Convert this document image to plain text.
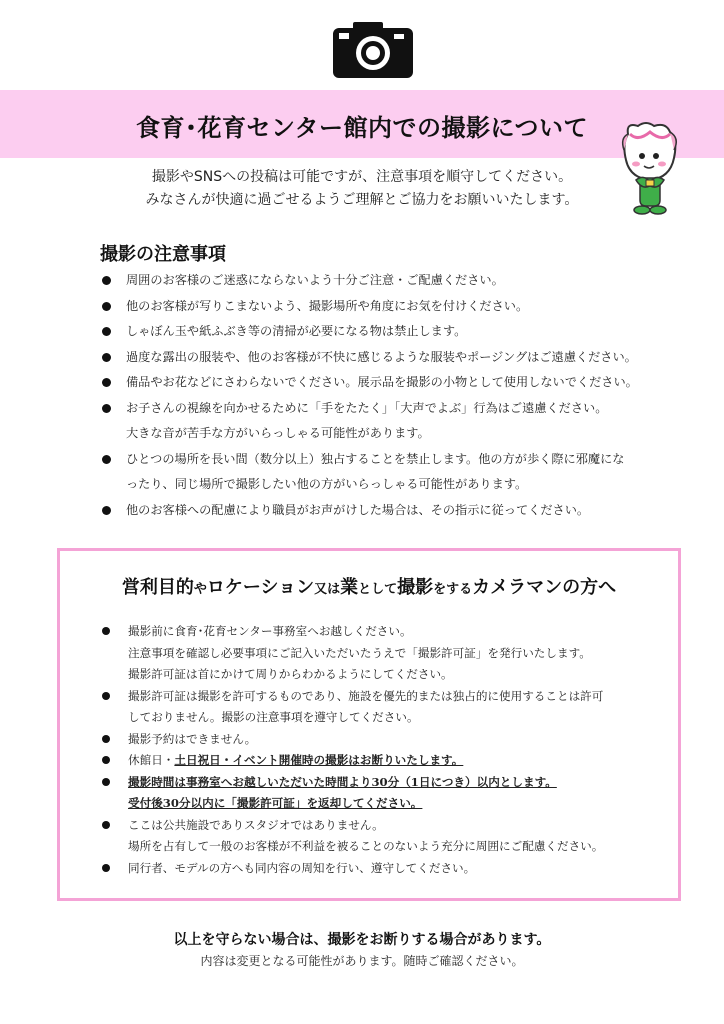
食育･花育センター館内での撮影について
撮影やSNSへの投稿は可能ですが、注意事項を順守してください。
みなさんが快適に過ごせるようご理解とご協力をお願いいたします。
撮影の注意事項
周囲のお客様のご迷惑にならないよう十分ご注意・ご配慮ください。
他のお客様が写りこまないよう、撮影場所や角度にお気を付けください。
しゃぼん玉や紙ふぶき等の清掃が必要になる物は禁止します。
過度な露出の服装や、他のお客様が不快に感じるような服装やポージングはご遠慮ください。
備品やお花などにさわらないでください。展示品を撮影の小物として使用しないでください。
お子さんの視線を向かせるために「手をたたく」「大声でよぶ」行為はご遠慮ください。
大きな音が苦手な方がいらっしゃる可能性があります。
ひとつの場所を長い間（数分以上）独占することを禁止します。他の方が歩く際に邪魔にな
ったり、同じ場所で撮影したい他の方がいらっしゃる可能性があります。
他のお客様への配慮により職員がお声がけした場合は、その指示に従ってください。
営利目的やロケーション又は業として撮影をするカメラマンの方へ
撮影前に食育･花育センター事務室へお越しください。
注意事項を確認し必要事項にご記入いただいたうえで「撮影許可証」を発行いたします。
撮影許可証は首にかけて周りからわかるようにしてください。
撮影許可証は撮影を許可するものであり、施設を優先的または独占的に使用することは許可
しておりません。撮影の注意事項を遵守してください。
撮影予約はできません。
休館日・土日祝日・イベント開催時の撮影はお断りいたします。
撮影時間は事務室へお越しいただいた時間より30分（1日につき）以内とします。
受付後30分以内に「撮影許可証」を返却してください。
ここは公共施設でありスタジオではありません。
場所を占有して一般のお客様が不利益を被ることのないよう充分に周囲にご配慮ください。
同行者、モデルの方へも同内容の周知を行い、遵守してください。
以上を守らない場合は、撮影をお断りする場合があります。
内容は変更となる可能性があります。随時ご確認ください。
